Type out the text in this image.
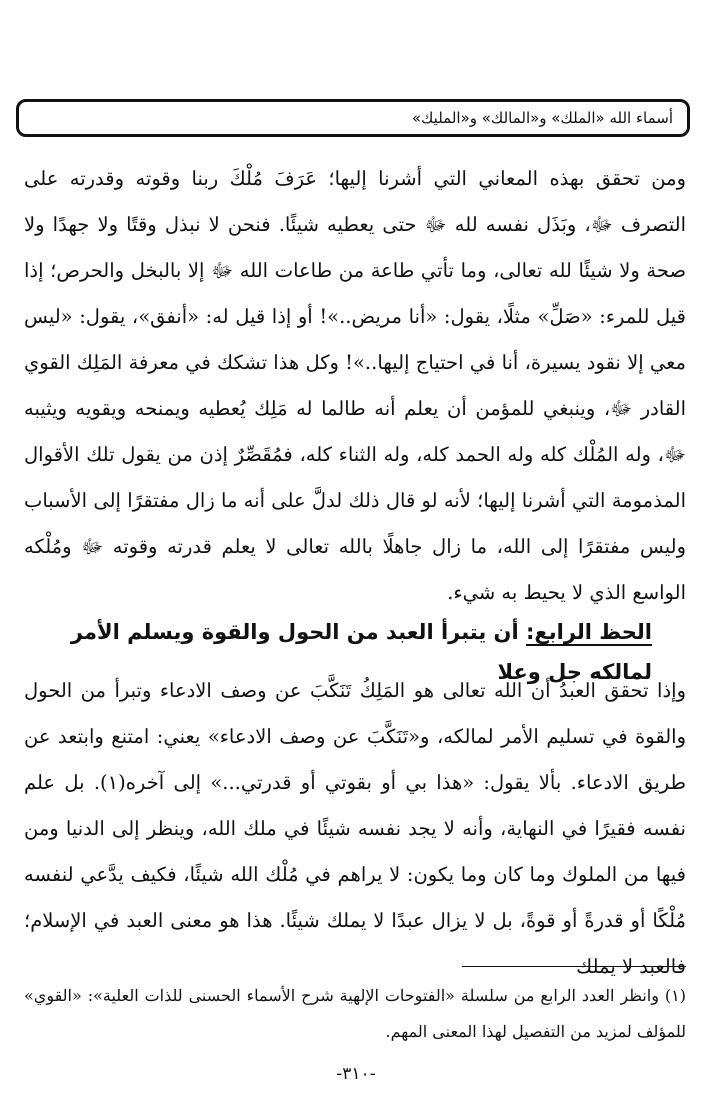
أسماء الله «الملك» و«المالك» و«المليك»

ومن تحقق بهذه المعاني التي أشرنا إليها؛ عَرَفَ مُلْكَ ربنا وقوته وقدرته على التصرف ﷻ، وبَذَل نفسه لله ﷻ حتى يعطيه شيئًا. فنحن لا نبذل وقتًا ولا جهدًا ولا صحة ولا شيئًا لله تعالى، وما تأتي طاعة من طاعات الله ﷻ إلا بالبخل والحرص؛ إذا قيل للمرء: «صَلِّ» مثلًا، يقول: «أنا مريض..»! أو إذا قيل له: «أنفق»، يقول: «ليس معي إلا نقود يسيرة، أنا في احتياج إليها..»! وكل هذا تشكك في معرفة المَلِك القوي القادر ﷻ، وينبغي للمؤمن أن يعلم أنه طالما له مَلِك يُعطيه ويمنحه ويقويه ويثيبه ﷻ، وله المُلْك كله وله الحمد كله، وله الثناء كله، فمُقَصِّرٌ إذن من يقول تلك الأقوال المذمومة التي أشرنا إليها؛ لأنه لو قال ذلك لدلَّ على أنه ما زال مفتقرًا إلى الأسباب وليس مفتقرًا إلى الله، ما زال جاهلًا بالله تعالى لا يعلم قدرته وقوته ﷻ ومُلْكه الواسع الذي لا يحيط به شيء.

الحظ الرابع: أن يتبرأ العبد من الحول والقوة ويسلم الأمر لمالكه جل وعلا

وإذا تحقق العبدُ أن الله تعالى هو المَلِكُ تَنَكَّبَ عن وصف الادعاء وتبرأ من الحول والقوة في تسليم الأمر لمالكه، و«تَنَكَّبَ عن وصف الادعاء» يعني: امتنع وابتعد عن طريق الادعاء. بألا يقول: «هذا بي أو بقوتي أو قدرتي...» إلى آخره(١). بل علم نفسه فقيرًا في النهاية، وأنه لا يجد نفسه شيئًا في ملك الله، وينظر إلى الدنيا ومن فيها من الملوك وما كان وما يكون: لا يراهم في مُلْك الله شيئًا، فكيف يدَّعي لنفسه مُلْكًا أو قدرةً أو قوةً، بل لا يزال عبدًا لا يملك شيئًا. هذا هو معنى العبد في الإسلام؛ فالعبد لا يملك

(١) وانظر العدد الرابع من سلسلة «الفتوحات الإلهية شرح الأسماء الحسنى للذات العلية»: «القوي» للمؤلف لمزيد من التفصيل لهذا المعنى المهم.
-٣١٠-
